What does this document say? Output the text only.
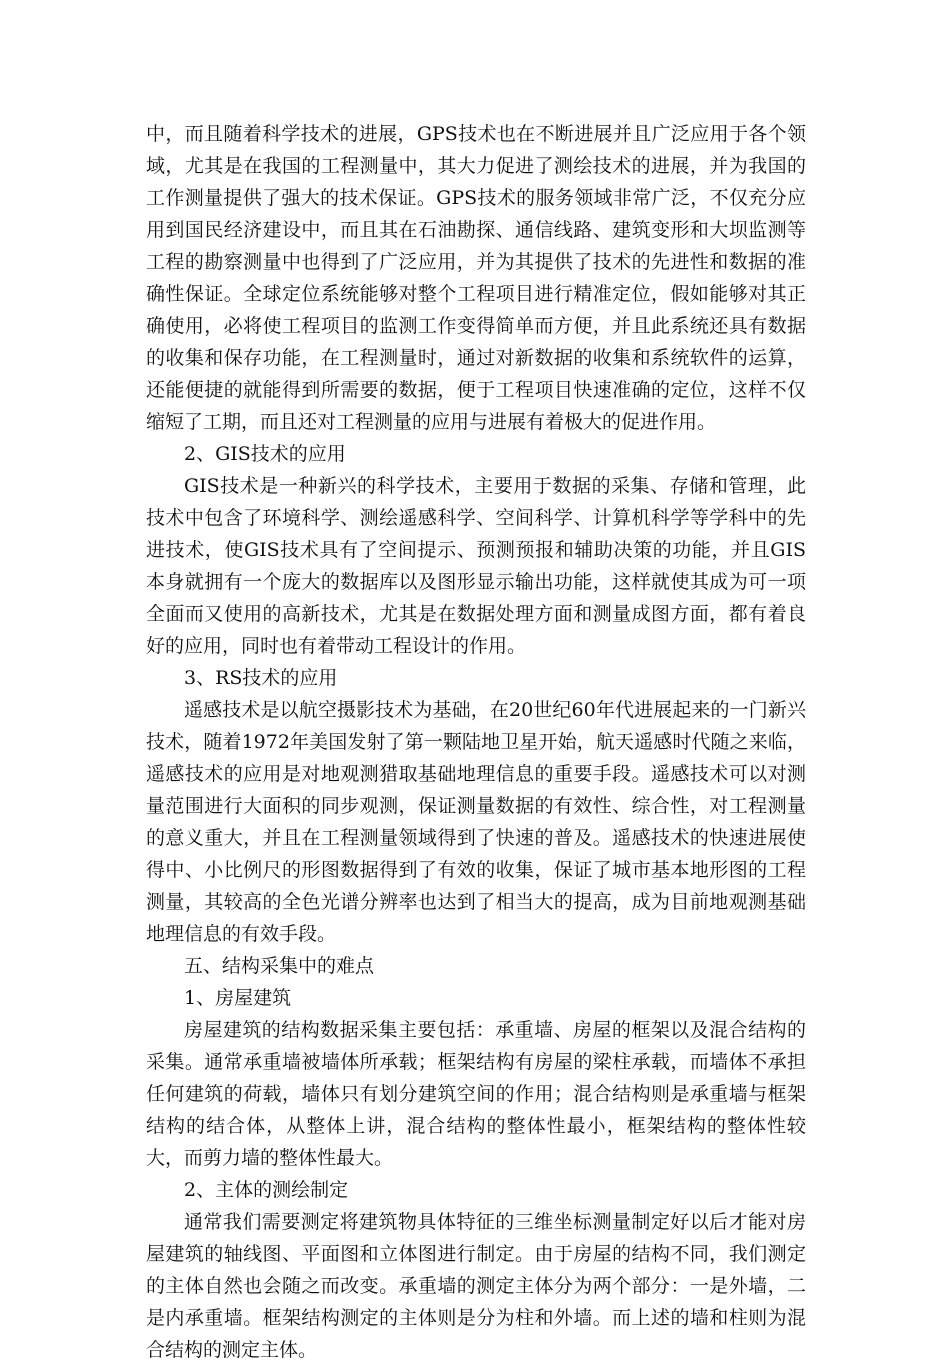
中，而且随着科学技术的进展，GPS技术也在不断进展并且广泛应用于各个领域，尤其是在我国的工程测量中，其大力促进了测绘技术的进展，并为我国的工作测量提供了强大的技术保证。GPS技术的服务领域非常广泛，不仅充分应用到国民经济建设中，而且其在石油勘探、通信线路、建筑变形和大坝监测等工程的勘察测量中也得到了广泛应用，并为其提供了技术的先进性和数据的准确性保证。全球定位系统能够对整个工程项目进行精准定位，假如能够对其正确使用，必将使工程项目的监测工作变得简单而方便，并且此系统还具有数据的收集和保存功能，在工程测量时，通过对新数据的收集和系统软件的运算，还能便捷的就能得到所需要的数据，便于工程项目快速准确的定位，这样不仅缩短了工期，而且还对工程测量的应用与进展有着极大的促进作用。

2、GIS技术的应用

GIS技术是一种新兴的科学技术，主要用于数据的采集、存储和管理，此技术中包含了环境科学、测绘遥感科学、空间科学、计算机科学等学科中的先进技术，使GIS技术具有了空间提示、预测预报和辅助决策的功能，并且GIS本身就拥有一个庞大的数据库以及图形显示输出功能，这样就使其成为可一项全面而又使用的高新技术，尤其是在数据处理方面和测量成图方面，都有着良好的应用，同时也有着带动工程设计的作用。

3、RS技术的应用

遥感技术是以航空摄影技术为基础，在20世纪60年代进展起来的一门新兴技术，随着1972年美国发射了第一颗陆地卫星开始，航天遥感时代随之来临，遥感技术的应用是对地观测猎取基础地理信息的重要手段。遥感技术可以对测量范围进行大面积的同步观测，保证测量数据的有效性、综合性，对工程测量的意义重大，并且在工程测量领域得到了快速的普及。遥感技术的快速进展使得中、小比例尺的形图数据得到了有效的收集，保证了城市基本地形图的工程测量，其较高的全色光谱分辨率也达到了相当大的提高，成为目前地观测基础地理信息的有效手段。

五、结构采集中的难点

1、房屋建筑

房屋建筑的结构数据采集主要包括：承重墙、房屋的框架以及混合结构的采集。通常承重墙被墙体所承载；框架结构有房屋的梁柱承载，而墙体不承担任何建筑的荷载，墙体只有划分建筑空间的作用；混合结构则是承重墙与框架结构的结合体，从整体上讲，混合结构的整体性最小，框架结构的整体性较大，而剪力墙的整体性最大。

2、主体的测绘制定

通常我们需要测定将建筑物具体特征的三维坐标测量制定好以后才能对房屋建筑的轴线图、平面图和立体图进行制定。由于房屋的结构不同，我们测定的主体自然也会随之而改变。承重墙的测定主体分为两个部分：一是外墙，二是内承重墙。框架结构测定的主体则是分为柱和外墙。而上述的墙和柱则为混合结构的测定主体。
